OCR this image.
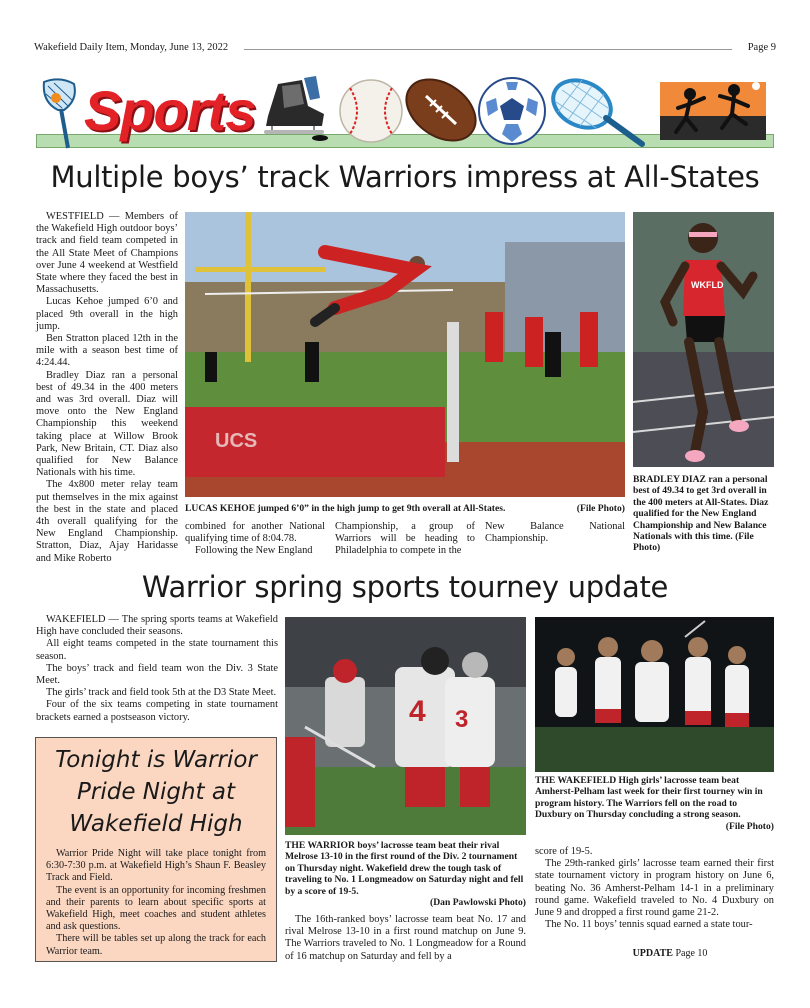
Wakefield Daily Item, Monday, June 13, 2022	Page 9
Sports
Multiple boys’ track Warriors impress at All-States

WESTFIELD — Members of the Wakefield High outdoor boys’ track and field team competed in the All State Meet of Champions over June 4 weekend at Westfield State where they faced the best in Massachusetts.

Lucas Kehoe jumped 6’0 and placed 9th overall in the high jump.

Ben Stratton placed 12th in the mile with a season best time of 4:24.44.

Bradley Diaz ran a personal best of 49.34 in the 400 meters and was 3rd overall. Diaz will move onto the New England Championship this weekend taking place at Willow Brook Park, New Britain, CT. Diaz also qualified for New Balance Nationals with his time.

The 4x800 meter relay team put themselves in the mix against the best in the state and placed 4th overall qualifying for the New England Championship. Stratton, Diaz, Ajay Haridasse and Mike Roberto

UCS
LUCAS KEHOE jumped 6’0” in the high jump to get 9th overall at All-States.	(File Photo)
WKFLD
BRADLEY DIAZ ran a personal best of 49.34 to get 3rd overall in the 400 meters at All-States. Diaz qualified for the New England Championship and New Balance Nationals with this time. (File Photo)

combined for another National qualifying time of 8:04.78.

Following the New England

Championship, a group of Warriors will be heading to Philadelphia to compete in the

New Balance National Championship.

Warrior spring sports tourney update

WAKEFIELD — The spring sports teams at Wakefield High have concluded their seasons.

All eight teams competed in the state tournament this season.

The boys’ track and field team won the Div. 3 State Meet.

The girls’ track and field took 5th at the D3 State Meet.

Four of the six teams competing in state tournament brackets earned a postseason victory.

Tonight is Warrior Pride Night at Wakefield High

Warrior Pride Night will take place tonight from 6:30-7:30 p.m. at Wakefield High’s Shaun F. Beasley Track and Field.

The event is an opportunity for incoming freshmen and their parents to learn about specific sports at Wakefield High, meet coaches and student athletes and ask questions.

There will be tables set up along the track for each Warrior team.

4 3
THE WARRIOR boys’ lacrosse team beat their rival Melrose 13-10 in the first round of the Div. 2 tournament on Thursday night. Wakefield drew the tough task of traveling to No. 1 Longmeadow on Saturday night and fell by a score of 19-5.
(Dan Pawlowski Photo)

The 16th-ranked boys’ lacrosse team beat No. 17 and rival Melrose 13-10 in a first round matchup on June 9. The Warriors traveled to No. 1 Longmeadow for a Round of 16 matchup on Saturday and fell by a

THE WAKEFIELD High girls’ lacrosse team beat Amherst-Pelham last week for their first tourney win in program history. The Warriors fell on the road to Duxbury on Thursday concluding a strong season.
(File Photo)

score of 19-5.

The 29th-ranked girls’ lacrosse team earned their first state tournament victory in program history on June 6, beating No. 36 Amherst-Pelham 14-1 in a preliminary round game. Wakefield traveled to No. 4 Duxbury on June 9 and dropped a first round game 21-2.

The No. 11 boys’ tennis squad earned a state tour-

UPDATE Page 10
